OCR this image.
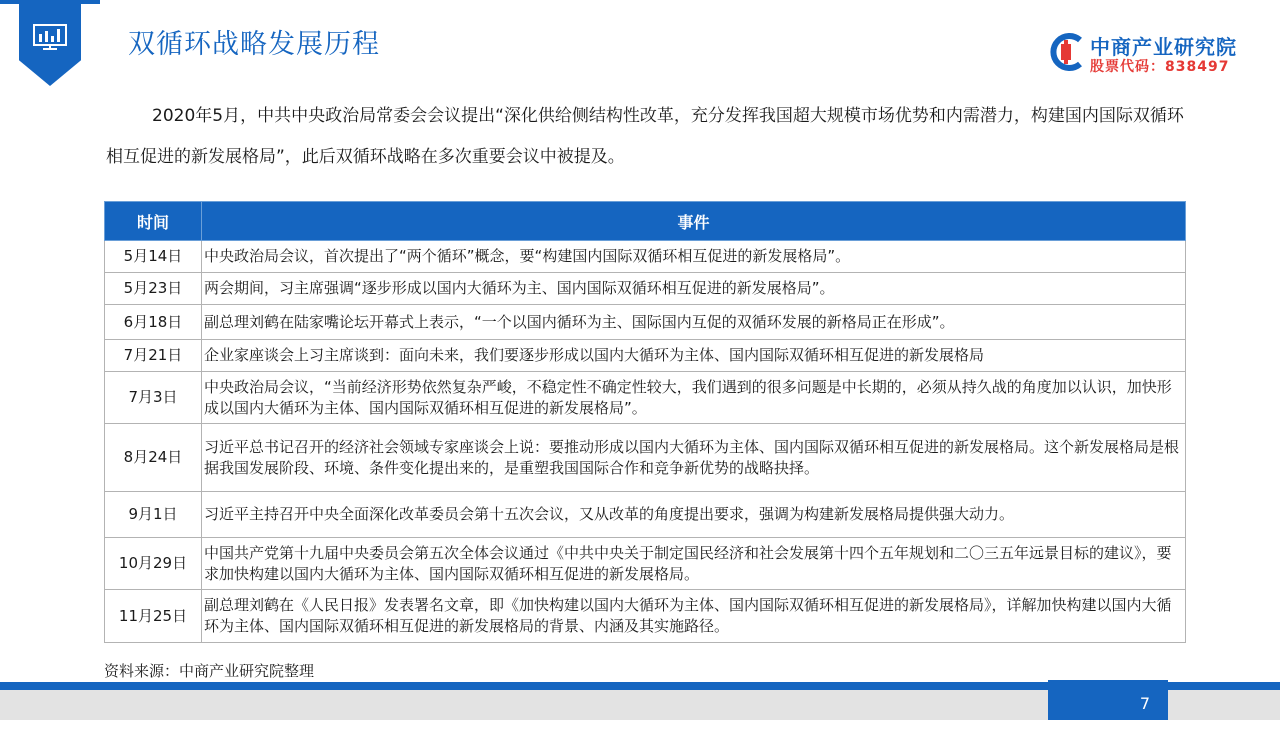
双循环战略发展历程	中商产业研究院
股票代码：838497

2020年5月，中共中央政治局常委会会议提出“深化供给侧结构性改革，充分发挥我国超大规模市场优势和内需潜力，构建国内国际双循环相互促进的新发展格局”，此后双循环战略在多次重要会议中被提及。

时间	事件
5月14日	中央政治局会议，首次提出了“两个循环”概念，要“构建国内国际双循环相互促进的新发展格局”。
5月23日	两会期间，习主席强调“逐步形成以国内大循环为主、国内国际双循环相互促进的新发展格局”。
6月18日	副总理刘鹤在陆家嘴论坛开幕式上表示，“一个以国内循环为主、国际国内互促的双循环发展的新格局正在形成”。
7月21日	企业家座谈会上习主席谈到：面向未来，我们要逐步形成以国内大循环为主体、国内国际双循环相互促进的新发展格局
7月3日	中央政治局会议，“当前经济形势依然复杂严峻，不稳定性不确定性较大，我们遇到的很多问题是中长期的，必须从持久战的角度加以认识，加快形成以国内大循环为主体、国内国际双循环相互促进的新发展格局”。
8月24日	习近平总书记召开的经济社会领域专家座谈会上说：要推动形成以国内大循环为主体、国内国际双循环相互促进的新发展格局。这个新发展格局是根据我国发展阶段、环境、条件变化提出来的，是重塑我国国际合作和竞争新优势的战略抉择。
9月1日	习近平主持召开中央全面深化改革委员会第十五次会议，又从改革的角度提出要求，强调为构建新发展格局提供强大动力。
10月29日	中国共产党第十九届中央委员会第五次全体会议通过《中共中央关于制定国民经济和社会发展第十四个五年规划和二〇三五年远景目标的建议》，要求加快构建以国内大循环为主体、国内国际双循环相互促进的新发展格局。
11月25日	副总理刘鹤在《人民日报》发表署名文章，即《加快构建以国内大循环为主体、国内国际双循环相互促进的新发展格局》，详解加快构建以国内大循环为主体、国内国际双循环相互促进的新发展格局的背景、内涵及其实施路径。
资料来源：中商产业研究院整理
7
